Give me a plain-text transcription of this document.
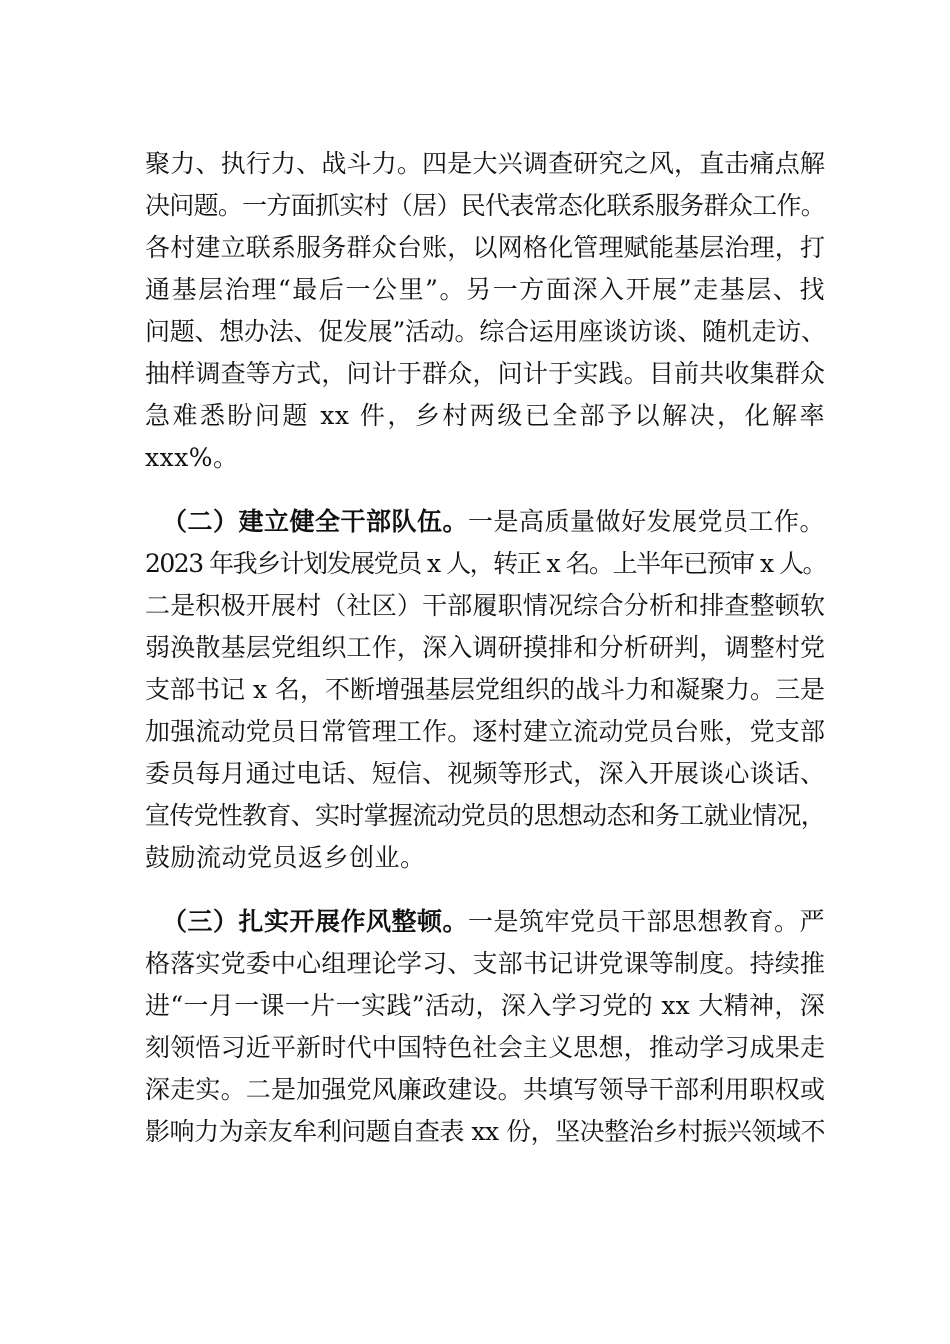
聚力、执行力、战斗力。四是大兴调查研究之风，直击痛点解
决问题。一方面抓实村（居）民代表常态化联系服务群众工作。
各村建立联系服务群众台账，以网格化管理赋能基层治理，打
通基层治理“最后一公里”。另一方面深入开展”走基层、找
问题、想办法、促发展”活动。综合运用座谈访谈、随机走访、
抽样调查等方式，问计于群众，问计于实践。目前共收集群众
急难悉盼问题 xx 件，乡村两级已全部予以解决，化解率
xxx%。
（二）建立健全干部队伍。一是高质量做好发展党员工作。
2023 年我乡计划发展党员 x 人，转正 x 名。上半年已预审 x 人。
二是积极开展村（社区）干部履职情况综合分析和排查整顿软
弱涣散基层党组织工作，深入调研摸排和分析研判，调整村党
支部书记 x 名，不断增强基层党组织的战斗力和凝聚力。三是
加强流动党员日常管理工作。逐村建立流动党员台账，党支部
委员每月通过电话、短信、视频等形式，深入开展谈心谈话、
宣传党性教育、实时掌握流动党员的思想动态和务工就业情况，
鼓励流动党员返乡创业。
（三）扎实开展作风整顿。一是筑牢党员干部思想教育。严
格落实党委中心组理论学习、支部书记讲党课等制度。持续推
进“一月一课一片一实践”活动，深入学习党的 xx 大精神，深
刻领悟习近平新时代中国特色社会主义思想，推动学习成果走
深走实。二是加强党风廉政建设。共填写领导干部利用职权或
影响力为亲友牟利问题自查表 xx 份，坚决整治乡村振兴领域不
